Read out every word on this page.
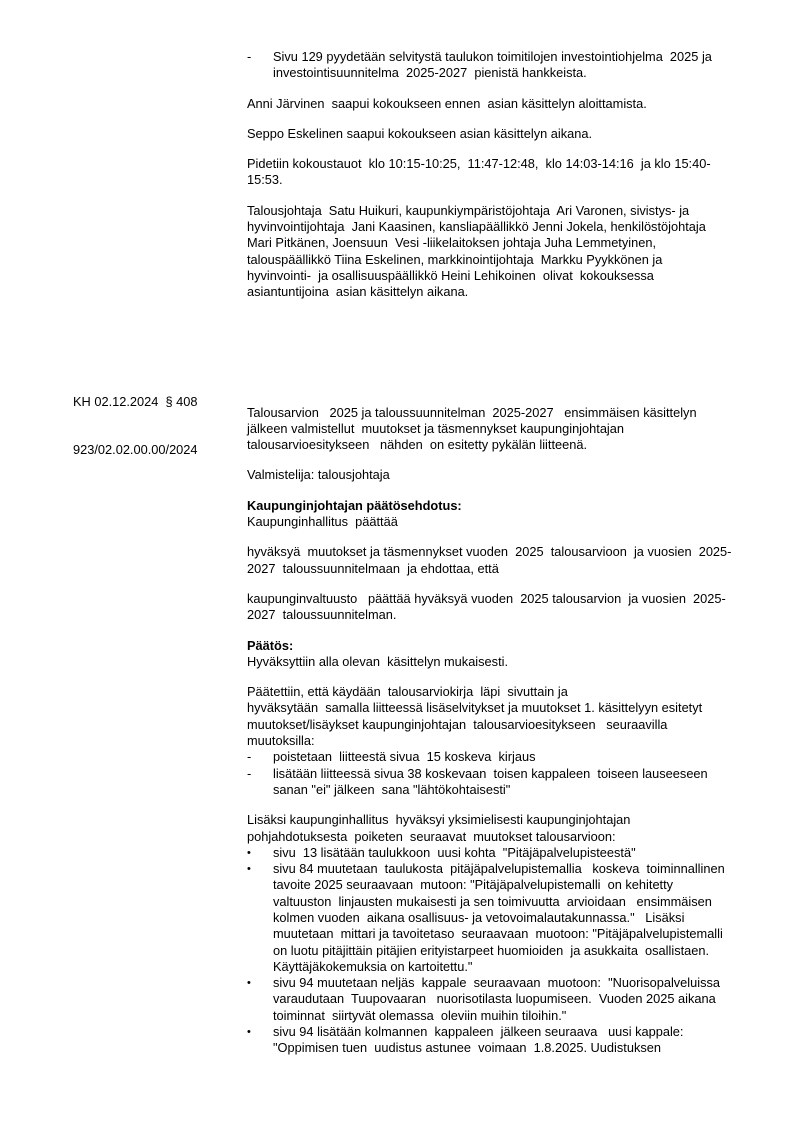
KH 02.12.2024  § 408

923/02.02.00.00/2024

-	Sivu 129 pyydetään selvitystä taulukon toimitilojen investointiohjelma  2025 ja
investointisuunnitelma  2025-2027  pienistä hankkeista.
Anni Järvinen  saapui kokoukseen ennen  asian käsittelyn aloittamista.
Seppo Eskelinen saapui kokoukseen asian käsittelyn aikana.
Pidetiin kokoustauot  klo 10:15-10:25,  11:47-12:48,  klo 14:03-14:16  ja klo 15:40-
15:53.
Talousjohtaja  Satu Huikuri, kaupunkiympäristöjohtaja  Ari Varonen, sivistys- ja
hyvinvointijohtaja  Jani Kaasinen, kansliapäällikkö Jenni Jokela, henkilöstöjohtaja
Mari Pitkänen, Joensuun  Vesi -liikelaitoksen johtaja Juha Lemmetyinen,
talouspäällikkö Tiina Eskelinen, markkinointijohtaja  Markku Pyykkönen ja
hyvinvointi-  ja osallisuuspäällikkö Heini Lehikoinen  olivat  kokouksessa
asiantuntijoina  asian käsittelyn aikana.
Talousarvion   2025 ja taloussuunnitelman  2025-2027   ensimmäisen käsittelyn
jälkeen valmistellut  muutokset ja täsmennykset kaupunginjohtajan
talousarvioesitykseen   nähden  on esitetty pykälän liitteenä.
Valmistelija: talousjohtaja
Kaupunginjohtajan päätösehdotus:
Kaupunginhallitus  päättää
hyväksyä  muutokset ja täsmennykset vuoden  2025  talousarvioon  ja vuosien  2025-
2027  taloussuunnitelmaan  ja ehdottaa, että
kaupunginvaltuusto   päättää hyväksyä vuoden  2025 talousarvion  ja vuosien  2025-
2027  taloussuunnitelman.
Päätös:
Hyväksyttiin alla olevan  käsittelyn mukaisesti.
Päätettiin, että käydään  talousarviokirja  läpi  sivuttain ja
hyväksytään  samalla liitteessä lisäselvitykset ja muutokset 1. käsittelyyn esitetyt
muutokset/lisäykset kaupunginjohtajan  talousarvioesitykseen   seuraavilla
muutoksilla:
-	poistetaan  liitteestä sivua  15 koskeva  kirjaus
-	lisätään liitteessä sivua 38 koskevaan  toisen kappaleen  toiseen lauseeseen
sanan "ei" jälkeen  sana "lähtökohtaisesti"
Lisäksi kaupunginhallitus  hyväksyi yksimielisesti kaupunginjohtajan
pohjahdotuksesta  poiketen  seuraavat  muutokset talousarvioon:
•	sivu  13 lisätään taulukkoon  uusi kohta  "Pitäjäpalvelupisteestä"
•	sivu 84 muutetaan  taulukosta  pitäjäpalvelupistemallia   koskeva  toiminnallinen
tavoite 2025 seuraavaan  mutoon: "Pitäjäpalvelupistemalli  on kehitetty
valtuuston  linjausten mukaisesti ja sen toimivuutta  arvioidaan   ensimmäisen
kolmen vuoden  aikana osallisuus- ja vetovoimalautakunnassa."   Lisäksi
muutetaan  mittari ja tavoitetaso  seuraavaan  muotoon: "Pitäjäpalvelupistemalli
on luotu pitäjittäin pitäjien erityistarpeet huomioiden  ja asukkaita  osallistaen.
Käyttäjäkokemuksia on kartoitettu."
•	sivu 94 muutetaan neljäs  kappale  seuraavaan  muotoon:  "Nuorisopalveluissa
varaudutaan  Tuupovaaran   nuorisotilasta luopumiseen.  Vuoden 2025 aikana
toiminnat  siirtyvät olemassa  oleviin muihin tiloihin."
•	sivu 94 lisätään kolmannen  kappaleen  jälkeen seuraava   uusi kappale:
"Oppimisen tuen  uudistus astunee  voimaan  1.8.2025. Uudistuksen
